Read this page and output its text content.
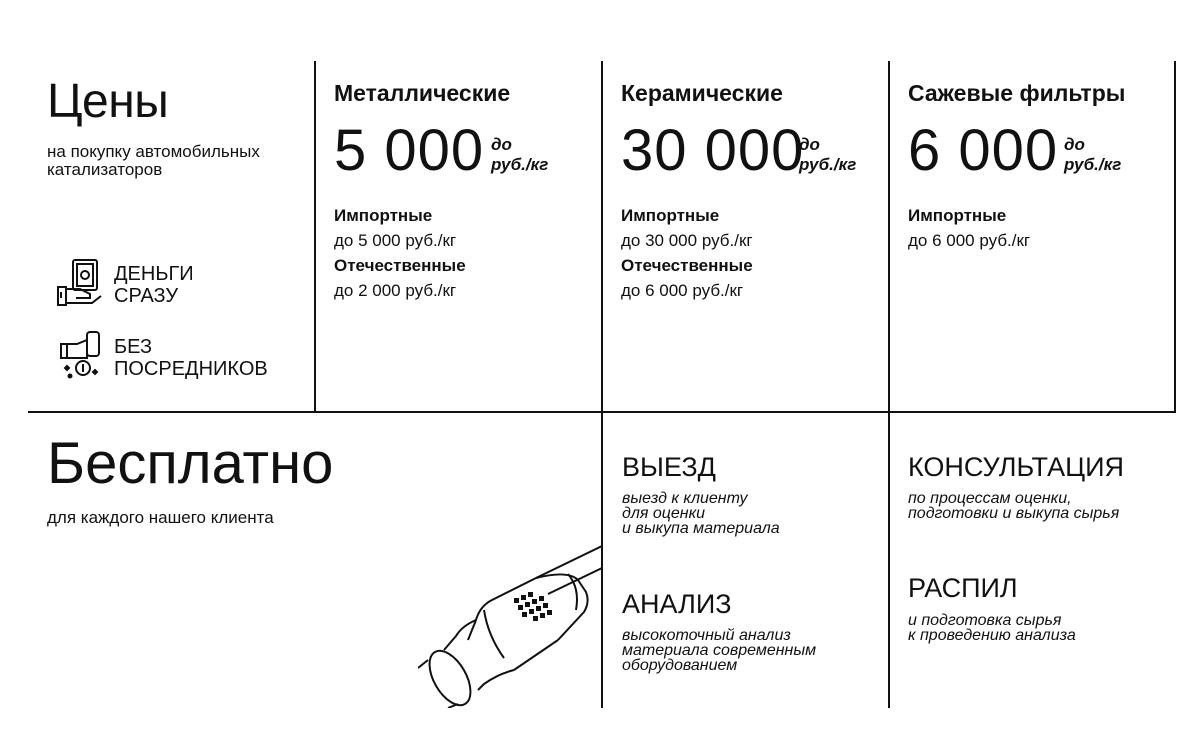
Цены
на покупку автомобильных катализаторов
ДЕНЬГИ
СРАЗУ
БЕЗ
ПОСРЕДНИКОВ
Металлические
5 000 до
руб./кг
Импортные
до 5 000 руб./кг
Отечественные
до 2 000 руб./кг
Керамические
30 000
до
руб./кг
Импортные
до 30 000 руб./кг
Отечественные
до 6 000 руб./кг
Сажевые фильтры
6 000 до
руб./кг
Импортные
до 6 000 руб./кг
Бесплатно
для каждого нашего клиента
ВЫЕЗД
выезд к клиенту
для оценки
и выкупа материала
КОНСУЛЬТАЦИЯ
по процессам оценки,
подготовки и выкупа сырья
АНАЛИЗ
высокоточный анализ
материала современным
оборудованием
РАСПИЛ
и подготовка сырья
к проведению анализа
